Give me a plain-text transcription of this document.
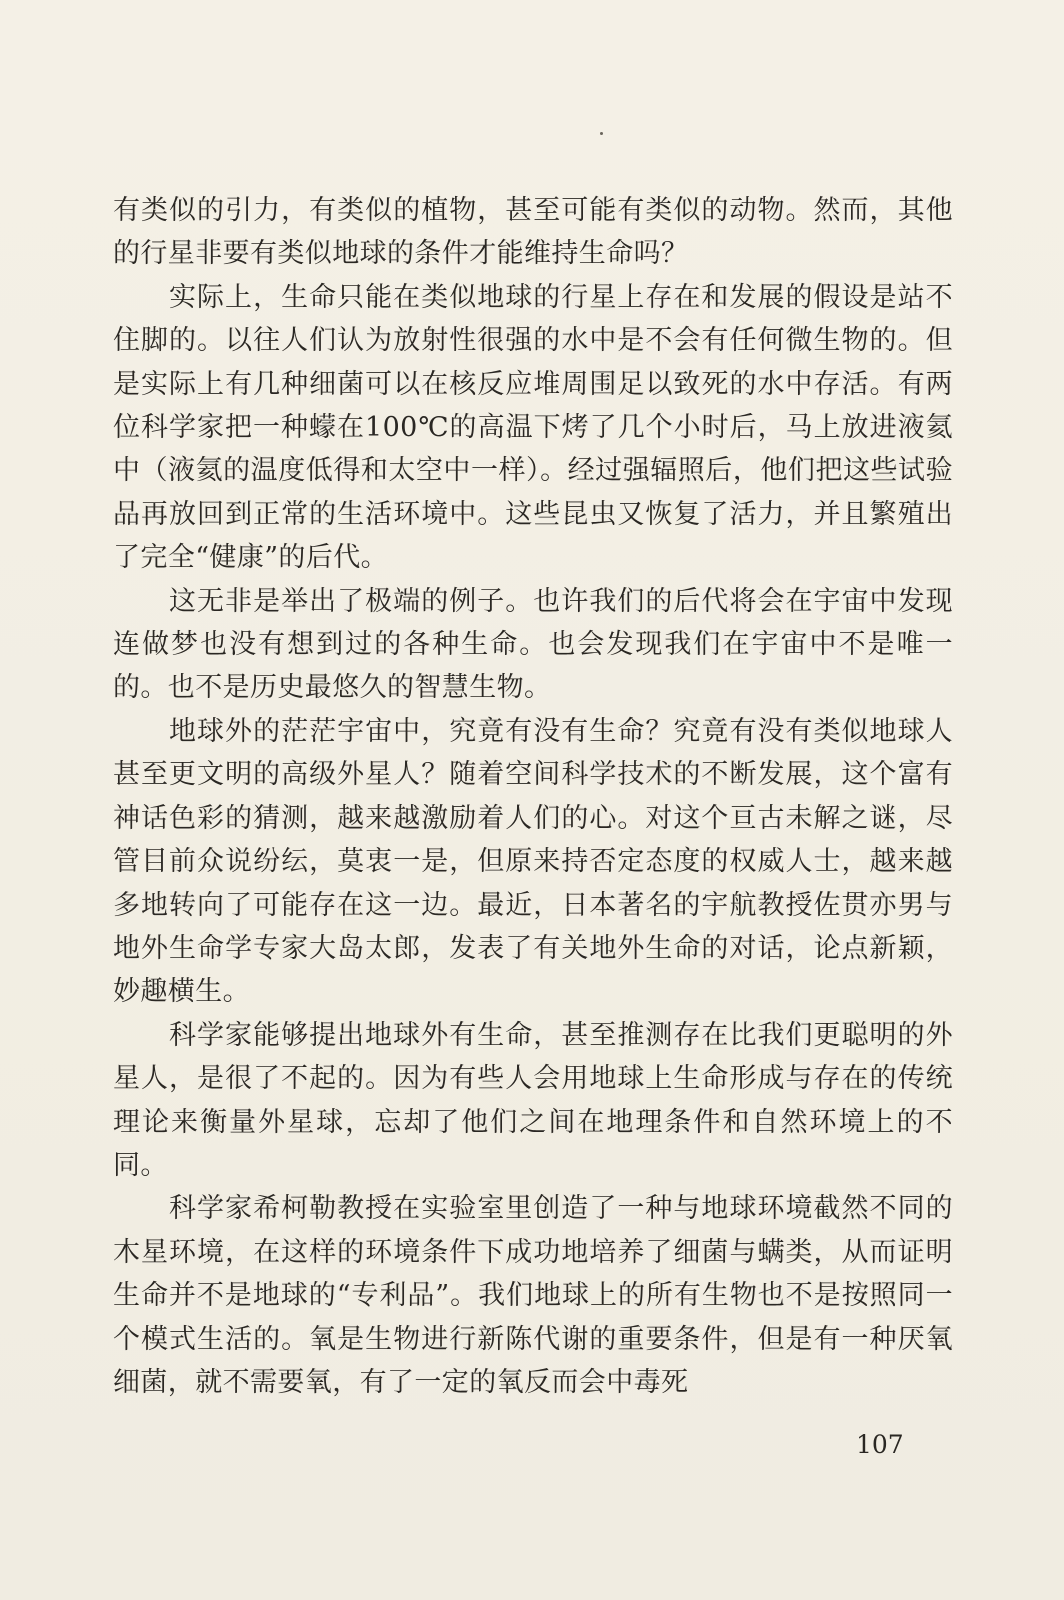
有类似的引力，有类似的植物，甚至可能有类似的动物。然而，其他的行星非要有类似地球的条件才能维持生命吗？

实际上，生命只能在类似地球的行星上存在和发展的假设是站不住脚的。以往人们认为放射性很强的水中是不会有任何微生物的。但是实际上有几种细菌可以在核反应堆周围足以致死的水中存活。有两位科学家把一种蠓在100℃的高温下烤了几个小时后，马上放进液氦中（液氦的温度低得和太空中一样）。经过强辐照后，他们把这些试验品再放回到正常的生活环境中。这些昆虫又恢复了活力，并且繁殖出了完全“健康”的后代。

这无非是举出了极端的例子。也许我们的后代将会在宇宙中发现连做梦也没有想到过的各种生命。也会发现我们在宇宙中不是唯一的。也不是历史最悠久的智慧生物。

地球外的茫茫宇宙中，究竟有没有生命？究竟有没有类似地球人甚至更文明的高级外星人？随着空间科学技术的不断发展，这个富有神话色彩的猜测，越来越激励着人们的心。对这个亘古未解之谜，尽管目前众说纷纭，莫衷一是，但原来持否定态度的权威人士，越来越多地转向了可能存在这一边。最近，日本著名的宇航教授佐贯亦男与地外生命学专家大岛太郎，发表了有关地外生命的对话，论点新颖，妙趣横生。

科学家能够提出地球外有生命，甚至推测存在比我们更聪明的外星人，是很了不起的。因为有些人会用地球上生命形成与存在的传统理论来衡量外星球，忘却了他们之间在地理条件和自然环境上的不同。

科学家希柯勒教授在实验室里创造了一种与地球环境截然不同的木星环境，在这样的环境条件下成功地培养了细菌与螨类，从而证明生命并不是地球的“专利品”。我们地球上的所有生物也不是按照同一个模式生活的。氧是生物进行新陈代谢的重要条件，但是有一种厌氧细菌，就不需要氧，有了一定的氧反而会中毒死

107
